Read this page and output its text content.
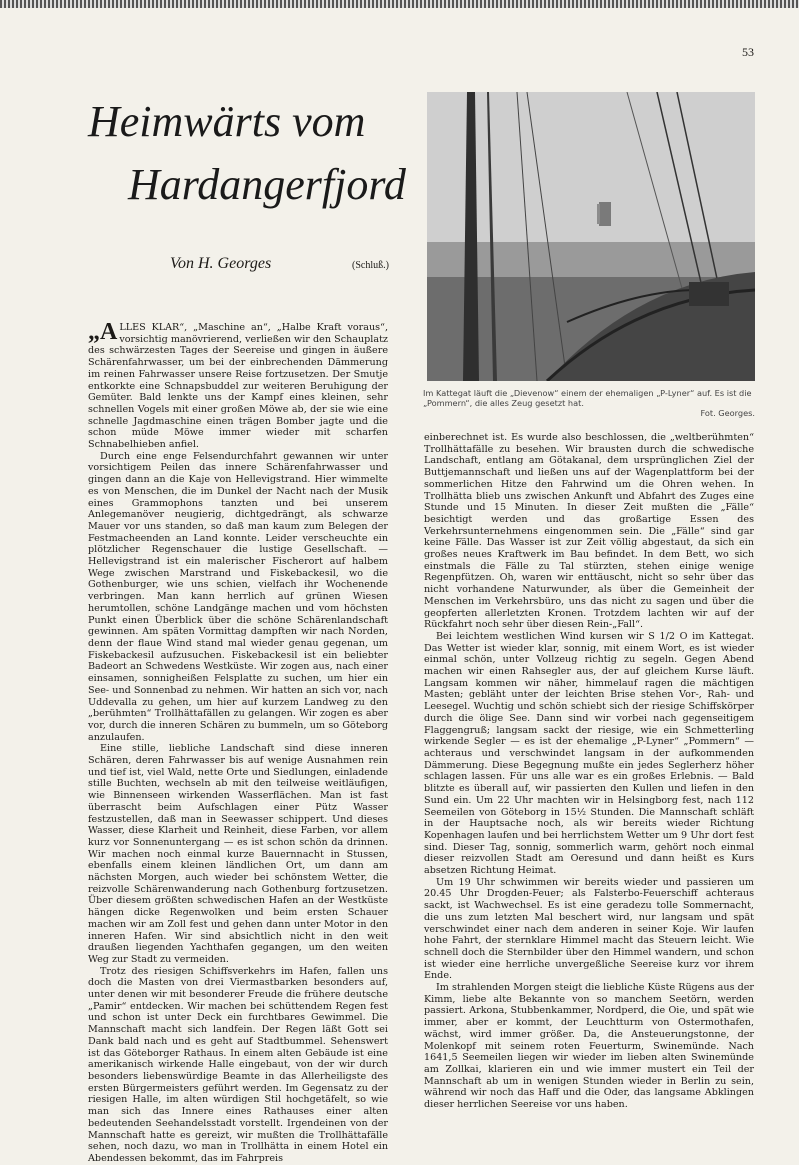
53
Heimwärts vom
Hardangerfjord
Von H. Georges	(Schluß.)
Im Kattegat läuft die „Dievenow“ einem der ehemaligen „P-Lyner“ auf. Es ist die „Pommern“, die alles Zeug gesetzt hat.
Fot. Georges.

„ALLES KLAR“, „Maschine an“, „Halbe Kraft voraus“, vorsichtig manövrierend, verließen wir den Schauplatz des schwärzesten Tages der Seereise und gingen in äußere Schärenfahrwasser, um bei der einbrechenden Dämmerung im reinen Fahrwasser unsere Reise fortzusetzen. Der Smutje entkorkte eine Schnapsbuddel zur weiteren Beruhigung der Gemüter. Bald lenkte uns der Kampf eines kleinen, sehr schnellen Vogels mit einer großen Möwe ab, der sie wie eine schnelle Jagdmaschine einen trägen Bomber jagte und die schon müde Möwe immer wieder mit scharfen Schnabelhieben anfiel.

Durch eine enge Felsendurchfahrt gewannen wir unter vorsichtigem Peilen das innere Schärenfahrwasser und gingen dann an die Kaje von Hellevigstrand. Hier wimmelte es von Menschen, die im Dunkel der Nacht nach der Musik eines Grammophons tanzten und bei unserem Anlegemanöver neugierig, dichtgedrängt, als schwarze Mauer vor uns standen, so daß man kaum zum Belegen der Festmacheenden an Land konnte. Leider verscheuchte ein plötzlicher Regenschauer die lustige Gesellschaft. — Hellevigstrand ist ein malerischer Fischerort auf halbem Wege zwischen Marstrand und Fiskebackesil, wo die Gothenburger, wie uns schien, vielfach ihr Wochenende verbringen. Man kann herrlich auf grünen Wiesen herumtollen, schöne Landgänge machen und vom höchsten Punkt einen Überblick über die schöne Schärenlandschaft gewinnen. Am späten Vormittag dampften wir nach Norden, denn der flaue Wind stand mal wieder genau gegenan, um Fiskebackesil aufzusuchen. Fiskebackesil ist ein beliebter Badeort an Schwedens Westküste. Wir zogen aus, nach einer einsamen, sonnigheißen Felsplatte zu suchen, um hier ein See- und Sonnenbad zu nehmen. Wir hatten an sich vor, nach Uddevalla zu gehen, um hier auf kurzem Landweg zu den „berühmten“ Trollhättafällen zu gelangen. Wir zogen es aber vor, durch die inneren Schären zu bummeln, um so Göteborg anzulaufen.

Eine stille, liebliche Landschaft sind diese inneren Schären, deren Fahrwasser bis auf wenige Ausnahmen rein und tief ist, viel Wald, nette Orte und Siedlungen, einladende stille Buchten, wechseln ab mit den teilweise weitläufigen, wie Binnenseen wirkenden Wasserflächen. Man ist fast überrascht beim Aufschlagen einer Pütz Wasser festzustellen, daß man in Seewasser schippert. Und dieses Wasser, diese Klarheit und Reinheit, diese Farben, vor allem kurz vor Sonnenuntergang — es ist schon schön da drinnen. Wir machen noch einmal kurze Bauernnacht in Stussen, ebenfalls einem kleinen ländlichen Ort, um dann am nächsten Morgen, auch wieder bei schönstem Wetter, die reizvolle Schärenwanderung nach Gothenburg fortzusetzen. Über diesem größten schwedischen Hafen an der Westküste hängen dicke Regenwolken und beim ersten Schauer machen wir am Zoll fest und gehen dann unter Motor in den inneren Hafen. Wir sind absichtlich nicht in den weit draußen liegenden Yachthafen gegangen, um den weiten Weg zur Stadt zu vermeiden.

Trotz des riesigen Schiffsverkehrs im Hafen, fallen uns doch die Masten von drei Viermastbarken besonders auf, unter denen wir mit besonderer Freude die frühere deutsche „Pamir“ entdecken. Wir machen bei schüttendem Regen fest und schon ist unter Deck ein furchtbares Gewimmel. Die Mannschaft macht sich landfein. Der Regen läßt Gott sei Dank bald nach und es geht auf Stadtbummel. Sehenswert ist das Göteborger Rathaus. In einem alten Gebäude ist eine amerikanisch wirkende Halle eingebaut, von der wir durch besonders liebenswürdige Beamte in das Allerheiligste des ersten Bürgermeisters geführt werden. Im Gegensatz zu der riesigen Halle, im alten würdigen Stil hochgetäfelt, so wie man sich das Innere eines Rathauses einer alten bedeutenden Seehandelsstadt vorstellt. Irgendeinen von der Mannschaft hatte es gereizt, wir mußten die Trollhättafälle sehen, noch dazu, wo man in Trollhätta in einem Hotel ein Abendessen bekommt, das im Fahrpreis

einberechnet ist. Es wurde also beschlossen, die „weltberühmten“ Trollhättafälle zu besehen. Wir brausten durch die schwedische Landschaft, entlang am Götakanal, dem ursprünglichen Ziel der Buttjemannschaft und ließen uns auf der Wagenplattform bei der sommerlichen Hitze den Fahrwind um die Ohren wehen. In Trollhätta blieb uns zwischen Ankunft und Abfahrt des Zuges eine Stunde und 15 Minuten. In dieser Zeit mußten die „Fälle“ besichtigt werden und das großartige Essen des Verkehrsunternehmens eingenommen sein. Die „Fälle“ sind gar keine Fälle. Das Wasser ist zur Zeit völlig abgestaut, da sich ein großes neues Kraftwerk im Bau befindet. In dem Bett, wo sich einstmals die Fälle zu Tal stürzten, stehen einige wenige Regenpfützen. Oh, waren wir enttäuscht, nicht so sehr über das nicht vorhandene Naturwunder, als über die Gemeinheit der Menschen im Verkehrsbüro, uns das nicht zu sagen und über die geopferten allerletzten Kronen. Trotzdem lachten wir auf der Rückfahrt noch sehr über diesen Rein-„Fall“.

Bei leichtem westlichen Wind kursen wir S 1/2 O im Kattegat. Das Wetter ist wieder klar, sonnig, mit einem Wort, es ist wieder einmal schön, unter Vollzeug richtig zu segeln. Gegen Abend machen wir einen Rahsegler aus, der auf gleichem Kurse läuft. Langsam kommen wir näher, himmelauf ragen die mächtigen Masten; gebläht unter der leichten Brise stehen Vor-, Rah- und Leesegel. Wuchtig und schön schiebt sich der riesige Schiffskörper durch die ölige See. Dann sind wir vorbei nach gegenseitigem Flaggengruß; langsam sackt der riesige, wie ein Schmetterling wirkende Segler — es ist der ehemalige „P-Lyner“ „Pommern“ — achteraus und verschwindet langsam in der aufkommenden Dämmerung. Diese Begegnung mußte ein jedes Seglerherz höher schlagen lassen. Für uns alle war es ein großes Erlebnis. — Bald blitzte es überall auf, wir passierten den Kullen und liefen in den Sund ein. Um 22 Uhr machten wir in Helsingborg fest, nach 112 Seemeilen von Göteborg in 15½ Stunden. Die Mannschaft schläft in der Hauptsache noch, als wir bereits wieder Richtung Kopenhagen laufen und bei herrlichstem Wetter um 9 Uhr dort fest sind. Dieser Tag, sonnig, sommerlich warm, gehört noch einmal dieser reizvollen Stadt am Oeresund und dann heißt es Kurs absetzen Richtung Heimat.

Um 19 Uhr schwimmen wir bereits wieder und passieren um 20.45 Uhr Drogden-Feuer; als Falsterbo-Feuerschiff achteraus sackt, ist Wachwechsel. Es ist eine geradezu tolle Sommernacht, die uns zum letzten Mal beschert wird, nur langsam und spät verschwindet einer nach dem anderen in seiner Koje. Wir laufen hohe Fahrt, der sternklare Himmel macht das Steuern leicht. Wie schnell doch die Sternbilder über den Himmel wandern, und schon ist wieder eine herrliche unvergeßliche Seereise kurz vor ihrem Ende.

Im strahlenden Morgen steigt die liebliche Küste Rügens aus der Kimm, liebe alte Bekannte von so manchem Seetörn, werden passiert. Arkona, Stubbenkammer, Nordperd, die Oie, und spät wie immer, aber er kommt, der Leuchtturm von Ostermothafen, wächst, wird immer größer. Da, die Ansteuerungstonne, der Molenkopf mit seinem roten Feuerturm, Swinemünde. Nach 1641,5 Seemeilen liegen wir wieder im lieben alten Swinemünde am Zollkai, klarieren ein und wie immer mustert ein Teil der Mannschaft ab um in wenigen Stunden wieder in Berlin zu sein, während wir noch das Haff und die Oder, das langsame Abklingen dieser herrlichen Seereise vor uns haben.
